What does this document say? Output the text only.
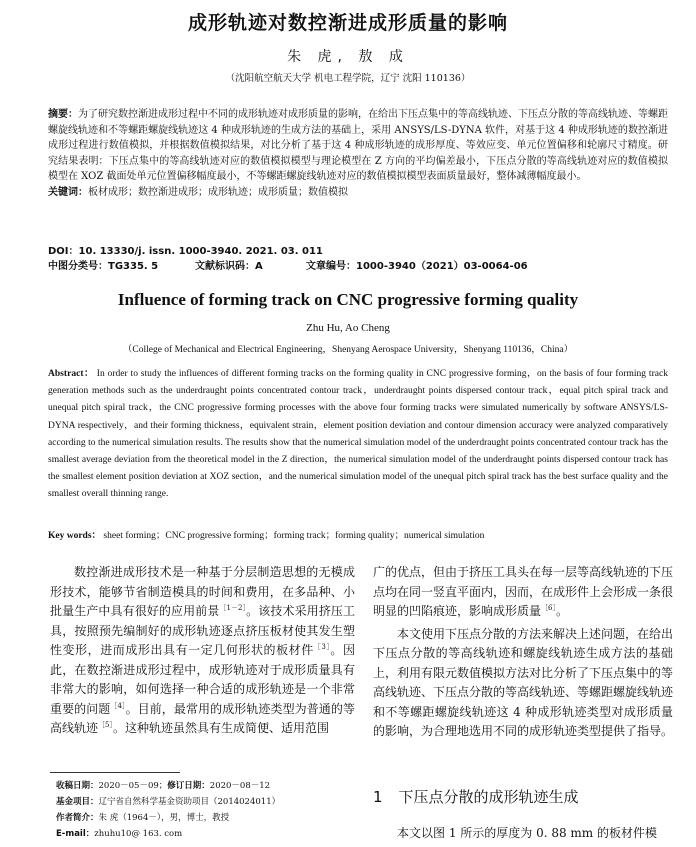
成形轨迹对数控渐进成形质量的影响
朱 虎, 敖 成
（沈阳航空航天大学 机电工程学院，辽宁 沈阳 110136）
摘要：为了研究数控渐进成形过程中不同的成形轨迹对成形质量的影响，在给出下压点集中的等高线轨迹、下压点分散的等高线轨迹、等螺距螺旋线轨迹和不等螺距螺旋线轨迹这 4 种成形轨迹的生成方法的基础上，采用 ANSYS/LS-DYNA 软件，对基于这 4 种成形轨迹的数控渐进成形过程进行数值模拟，并根据数值模拟结果，对比分析了基于这 4 种成形轨迹的成形厚度、等效应变、单元位置偏移和轮廓尺寸精度。研究结果表明：下压点集中的等高线轨迹对应的数值模拟模型与理论模型在 Z 方向的平均偏差最小，下压点分散的等高线轨迹对应的数值模拟模型在 XOZ 截面处单元位置偏移幅度最小，不等螺距螺旋线轨迹对应的数值模拟模型表面质量最好，整体减薄幅度最小。
关键词：板材成形；数控渐进成形；成形轨迹；成形质量；数值模拟
DOI：10. 13330/j. issn. 1000-3940. 2021. 03. 011
中图分类号：TG335. 5	文献标识码：A	文章编号：1000-3940（2021）03-0064-06
Influence of forming track on CNC progressive forming quality
Zhu Hu, Ao Cheng
（College of Mechanical and Electrical Engineering，Shenyang Aerospace University，Shenyang 110136，China）
Abstract： In order to study the influences of different forming tracks on the forming quality in CNC progressive forming，on the basis of four forming track generation methods such as the underdraught points concentrated contour track，underdraught points dispersed contour track，equal pitch spiral track and unequal pitch spiral track，the CNC progressive forming processes with the above four forming tracks were simulated numerically by software ANSYS/LS-DYNA respectively，and their forming thickness，equivalent strain，element position deviation and contour dimension accuracy were analyzed comparatively according to the numerical simulation results. The results show that the numerical simulation model of the underdraught points concentrated contour track has the smallest average deviation from the theoretical model in the Z direction，the numerical simulation model of the underdraught points dispersed contour track has the smallest element position deviation at XOZ section，and the numerical simulation model of the unequal pitch spiral track has the best surface quality and the smallest overall thinning range.
Key words： sheet forming；CNC progressive forming；forming track；forming quality；numerical simulation

数控渐进成形技术是一种基于分层制造思想的无模成形技术，能够节省制造模具的时间和费用，在多品种、小批量生产中具有很好的应用前景$^{[1-2]}$。该技术采用挤压工具，按照预先编制好的成形轨迹逐点挤压板材使其发生塑性变形，进而成形出具有一定几何形状的板材件$^{[3]}$。因此，在数控渐进成形过程中，成形轨迹对于成形质量具有非常大的影响，如何选择一种合适的成形轨迹是一个非常重要的问题$^{[4]}$。目前，最常用的成形轨迹类型为普通的等高线轨迹$^{[5]}$。这种轨迹虽然具有生成简便、适用范围

广的优点，但由于挤压工具头在每一层等高线轨迹的下压点均在同一竖直平面内，因而，在成形件上会形成一条很明显的凹陷痕迹，影响成形质量$^{[6]}$。

本文使用下压点分散的方法来解决上述问题，在给出下压点分散的等高线轨迹和螺旋线轨迹生成方法的基础上，利用有限元数值模拟方法对比分析了下压点集中的等高线轨迹、下压点分散的等高线轨迹、等螺距螺旋线轨迹和不等螺距螺旋线轨迹这 4 种成形轨迹类型对成形质量的影响，为合理地选用不同的成形轨迹类型提供了指导。

收稿日期：2020－05－09；修订日期：2020－08－12
基金项目：辽宁省自然科学基金资助项目（2014024011）
作者简介：朱 虎（1964－），男，博士，教授
E-mail：zhuhu10@ 163. com
1 下压点分散的成形轨迹生成
本文以图 1 所示的厚度为 0. 88 mm 的板材件模
